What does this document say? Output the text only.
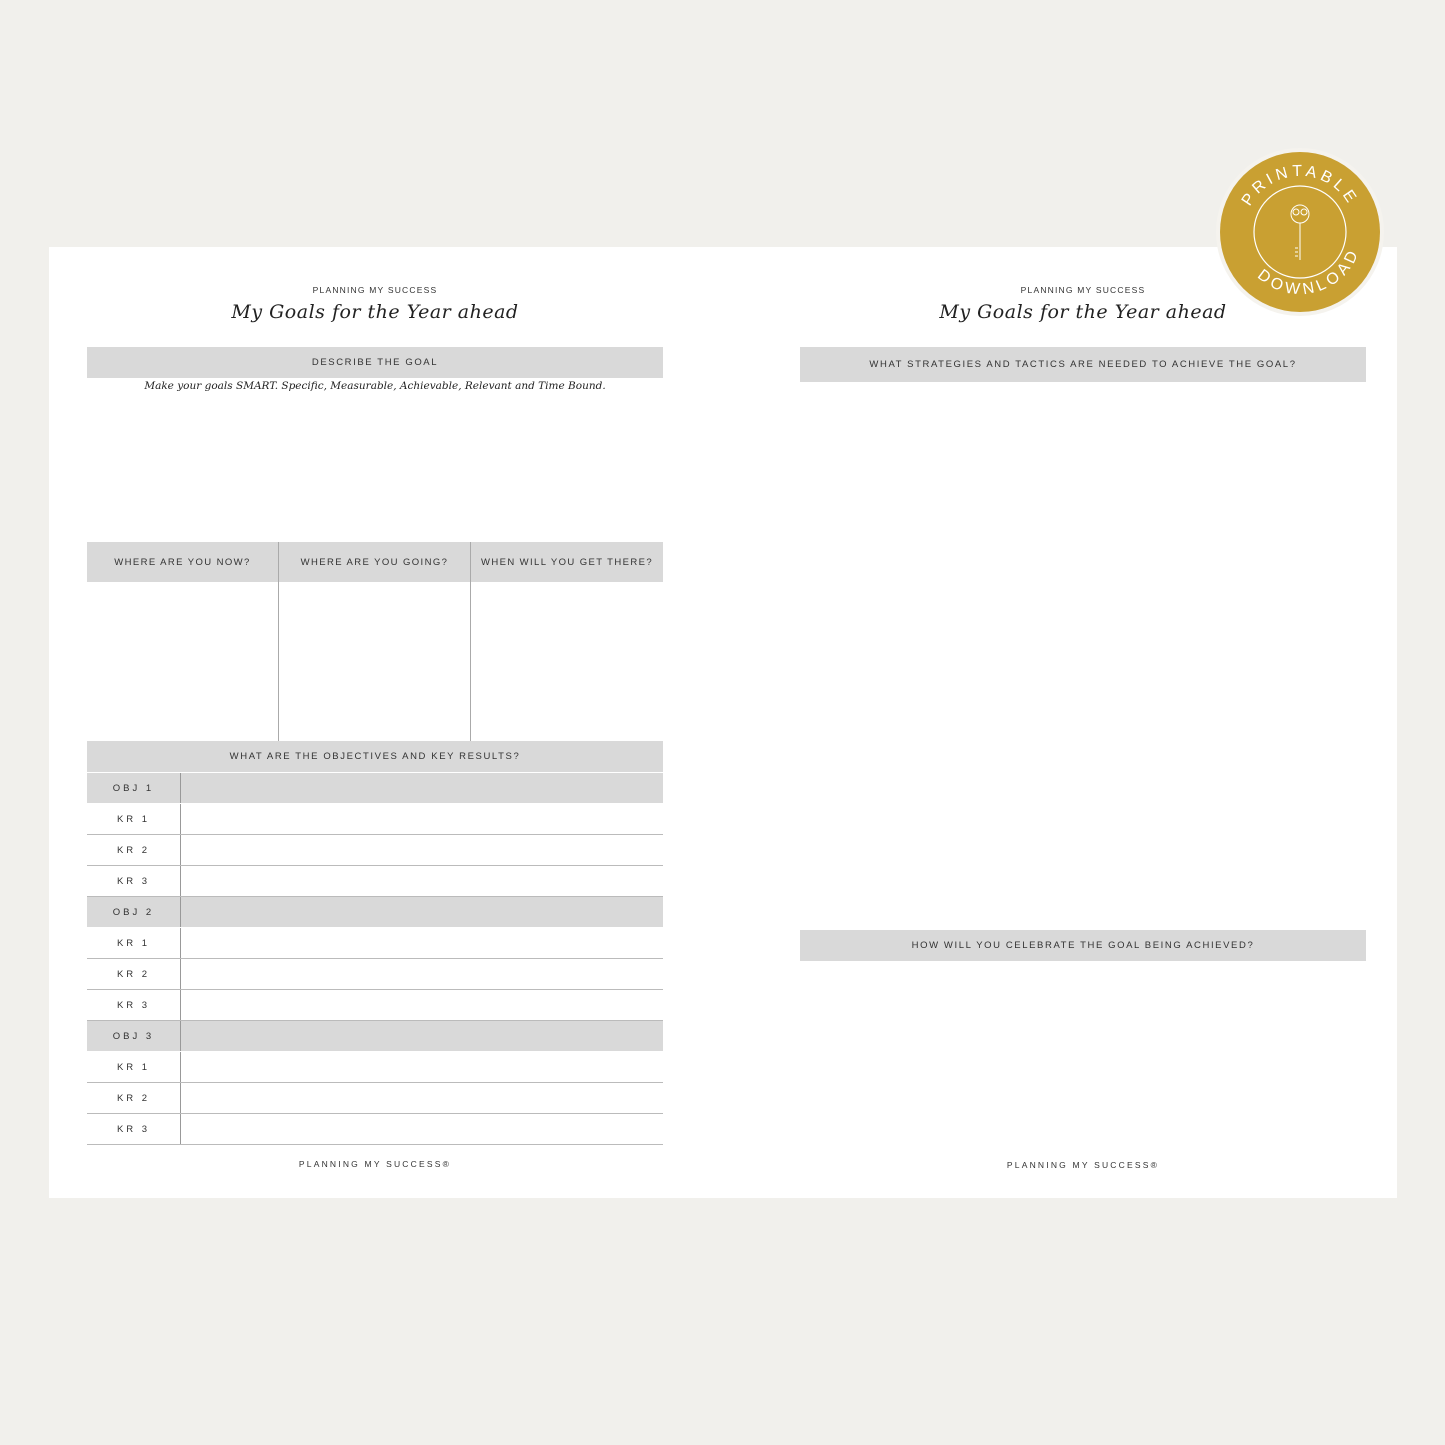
PLANNING MY SUCCESS
My Goals for the Year ahead
DESCRIBE THE GOAL
Make your goals SMART. Specific, Measurable, Achievable, Relevant and Time Bound.
WHERE ARE YOU NOW?	WHERE ARE YOU GOING?	WHEN WILL YOU GET THERE?
WHAT ARE THE OBJECTIVES AND KEY RESULTS?
OBJ 1
KR 1
KR 2
KR 3
OBJ 2
KR 1
KR 2
KR 3
OBJ 3
KR 1
KR 2
KR 3
PLANNING MY SUCCESS®
PLANNING MY SUCCESS
My Goals for the Year ahead
WHAT STRATEGIES AND TACTICS ARE NEEDED TO ACHIEVE THE GOAL?
HOW WILL YOU CELEBRATE THE GOAL BEING ACHIEVED?
PLANNING MY SUCCESS®
PRINTABLE
DOWNLOAD
